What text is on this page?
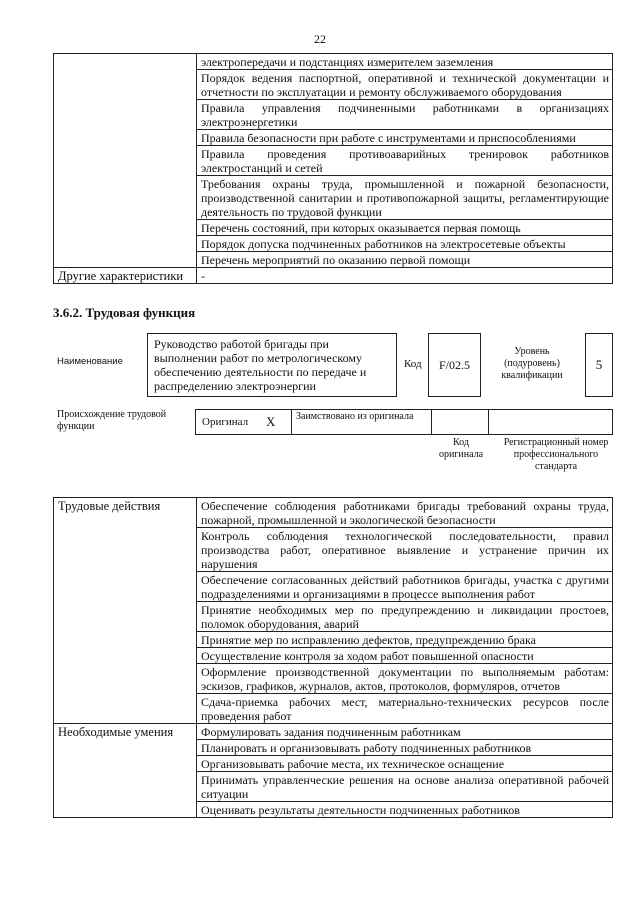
22
	электропередачи и подстанциях измерителем заземления
	Порядок ведения паспортной, оперативной и технической документации и отчетности по эксплуатации и ремонту обслуживаемого оборудования
	Правила управления подчиненными работниками в организациях электроэнергетики
	Правила безопасности при работе с инструментами и приспособлениями
	Правила проведения противоаварийных тренировок работников электростанций и сетей
	Требования охраны труда, промышленной и пожарной безопасности, производственной санитарии и противопожарной защиты, регламентирующие деятельность по трудовой функции
	Перечень состояний, при которых оказывается первая помощь
	Порядок допуска подчиненных работников на электросетевые объекты
	Перечень мероприятий по оказанию первой помощи
Другие характеристики	-
3.6.2. Трудовая функция
Наименование
Руководство работой бригады при выполнении работ по метрологическому обеспечению деятельности по передаче и распределению электроэнергии
Код	F/02.5
Уровень (подуровень) квалификации
5
Происхождение трудовой функции	Оригинал X Заимствовано из оригинала
Код оригинала
Регистрационный номер профессионального стандарта
Трудовые действия	Обеспечение соблюдения работниками бригады требований охраны труда, пожарной, промышленной и экологической безопасности
	Контроль соблюдения технологической последовательности, правил производства работ, оперативное выявление и устранение причин их нарушения
	Обеспечение согласованных действий работников бригады, участка с другими подразделениями и организациями в процессе выполнения работ
	Принятие необходимых мер по предупреждению и ликвидации простоев, поломок оборудования, аварий
	Принятие мер по исправлению дефектов, предупреждению брака
	Осуществление контроля за ходом работ повышенной опасности
	Оформление производственной документации по выполняемым работам: эскизов, графиков, журналов, актов, протоколов, формуляров, отчетов
	Сдача-приемка рабочих мест, материально-технических ресурсов после проведения работ
Необходимые умения	Формулировать задания подчиненным работникам
	Планировать и организовывать работу подчиненных работников
	Организовывать рабочие места, их техническое оснащение
	Принимать управленческие решения на основе анализа оперативной рабочей ситуации
	Оценивать результаты деятельности подчиненных работников
